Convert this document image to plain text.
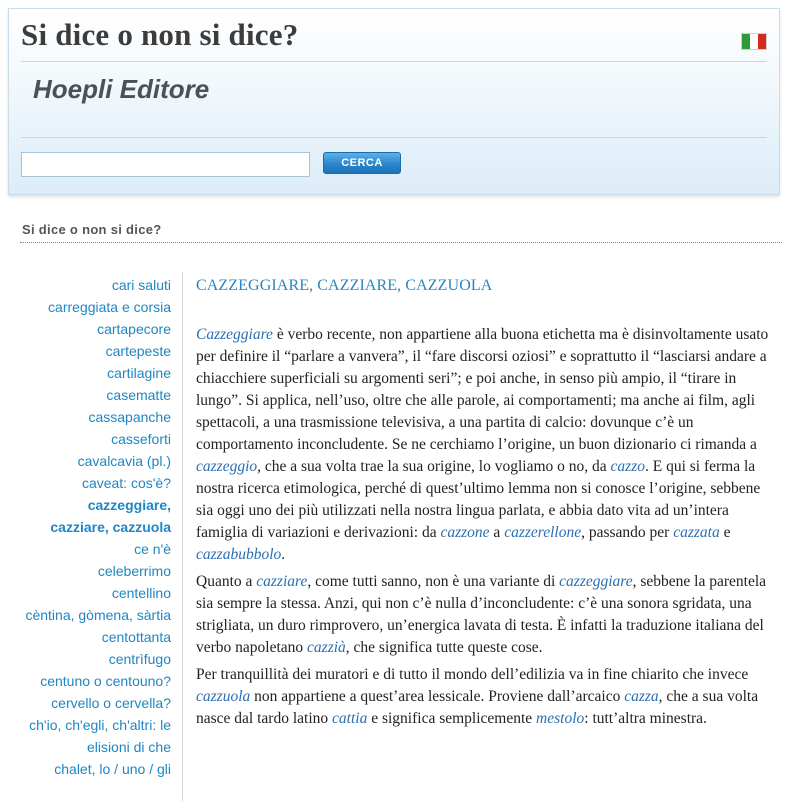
Si dice o non si dice?
Hoepli Editore
CERCA
Si dice o non si dice?
cari saluti
carreggiata e corsia
cartapecore
cartepeste
cartilagine
casematte
cassapanche
casseforti
cavalcavia (pl.)
caveat: cos'è?
cazzeggiare,
cazziare, cazzuola
ce n'è
celeberrimo
centellino
cèntina, gòmena, sàrtia
centottanta
centrìfugo
centuno o centouno?
cervello o cervella?
ch'io, ch'egli, ch'altri: le
elisioni di che
chalet, lo / uno / gli
CAZZEGGIARE, CAZZIARE, CAZZUOLA

Cazzeggiare è verbo recente, non appartiene alla buona etichetta ma è disinvoltamente usato per definire il “parlare a vanvera”, il “fare discorsi oziosi” e soprattutto il “lasciarsi andare a chiacchiere superficiali su argomenti seri”; e poi anche, in senso più ampio, il “tirare in lungo”. Si applica, nell’uso, oltre che alle parole, ai comportamenti; ma anche ai film, agli spettacoli, a una trasmissione televisiva, a una partita di calcio: dovunque c’è un comportamento inconcludente. Se ne cerchiamo l’origine, un buon dizionario ci rimanda a cazzeggio, che a sua volta trae la sua origine, lo vogliamo o no, da cazzo. E qui si ferma la nostra ricerca etimologica, perché di quest’ultimo lemma non si conosce l’origine, sebbene sia oggi uno dei più utilizzati nella nostra lingua parlata, e abbia dato vita ad un’intera famiglia di variazioni e derivazioni: da cazzone a cazzerellone, passando per cazzata e cazzabubbolo.

Quanto a cazziare, come tutti sanno, non è una variante di cazzeggiare, sebbene la parentela sia sempre la stessa. Anzi, qui non c’è nulla d’inconcludente: c’è una sonora sgridata, una strigliata, un duro rimprovero, un’energica lavata di testa. È infatti la traduzione italiana del verbo napoletano cazzià, che significa tutte queste cose.

Per tranquillità dei muratori e di tutto il mondo dell’edilizia va in fine chiarito che invece cazzuola non appartiene a quest’area lessicale. Proviene dall’arcaico cazza, che a sua volta nasce dal tardo latino cattia e significa semplicemente mestolo: tutt’altra minestra.
